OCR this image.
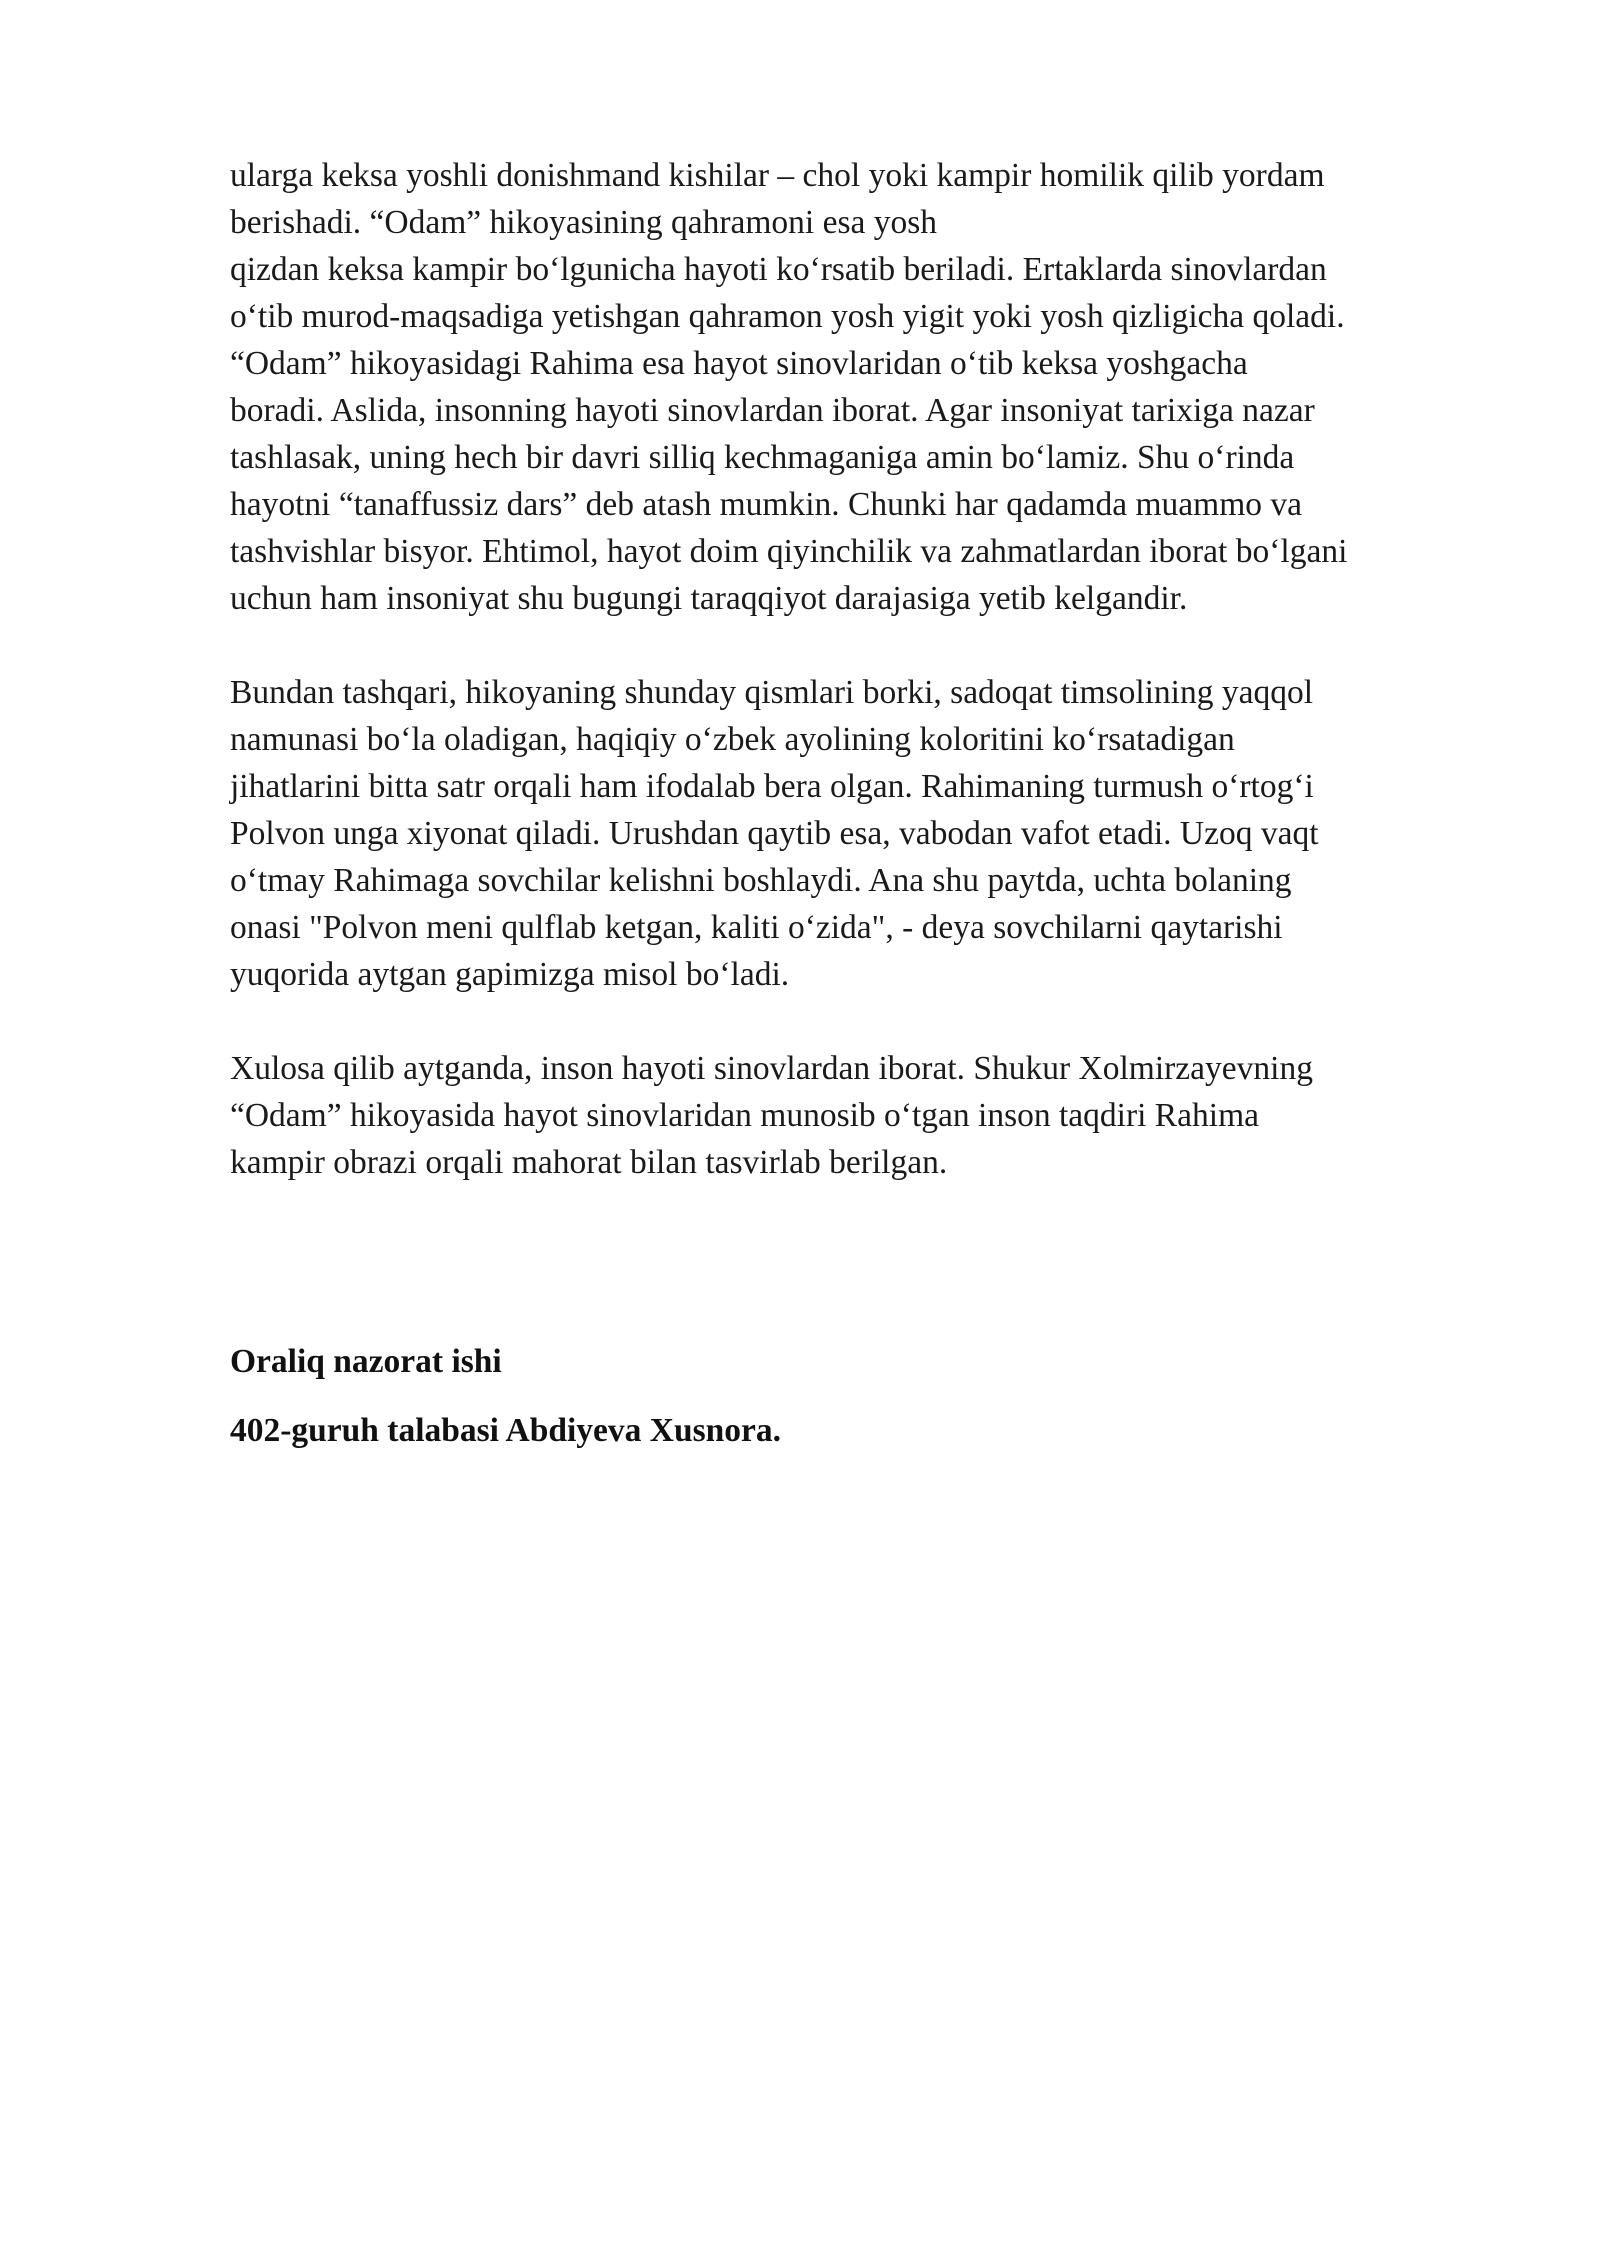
ularga keksa yoshli donishmand kishilar – chol yoki kampir homilik qilib yordam
berishadi. “Odam” hikoyasining qahramoni esa yosh
qizdan keksa kampir boʻlgunicha hayoti koʻrsatib beriladi. Ertaklarda sinovlardan
oʻtib murod-maqsadiga yetishgan qahramon yosh yigit yoki yosh qizligicha qoladi.
“Odam” hikoyasidagi Rahima esa hayot sinovlaridan oʻtib keksa yoshgacha
boradi. Aslida, insonning hayoti sinovlardan iborat. Agar insoniyat tarixiga nazar
tashlasak, uning hech bir davri silliq kechmaganiga amin boʻlamiz. Shu oʻrinda
hayotni “tanaffussiz dars” deb atash mumkin. Chunki har qadamda muammo va
tashvishlar bisyor. Ehtimol, hayot doim qiyinchilik va zahmatlardan iborat boʻlgani
uchun ham insoniyat shu bugungi taraqqiyot darajasiga yetib kelgandir.

Bundan tashqari, hikoyaning shunday qismlari borki, sadoqat timsolining yaqqol
namunasi boʻla oladigan, haqiqiy oʻzbek ayolining koloritini koʻrsatadigan
jihatlarini bitta satr orqali ham ifodalab bera olgan. Rahimaning turmush oʻrtogʻi
Polvon unga xiyonat qiladi. Urushdan qaytib esa, vabodan vafot etadi. Uzoq vaqt
oʻtmay Rahimaga sovchilar kelishni boshlaydi. Ana shu paytda, uchta bolaning
onasi "Polvon meni qulflab ketgan, kaliti oʻzida", - deya sovchilarni qaytarishi
yuqorida aytgan gapimizga misol boʻladi.

Xulosa qilib aytganda, inson hayoti sinovlardan iborat. Shukur Xolmirzayevning
“Odam” hikoyasida hayot sinovlaridan munosib oʻtgan inson taqdiri Rahima
kampir obrazi orqali mahorat bilan tasvirlab berilgan.

Oraliq nazorat ishi
402-guruh talabasi Abdiyeva Xusnora.
